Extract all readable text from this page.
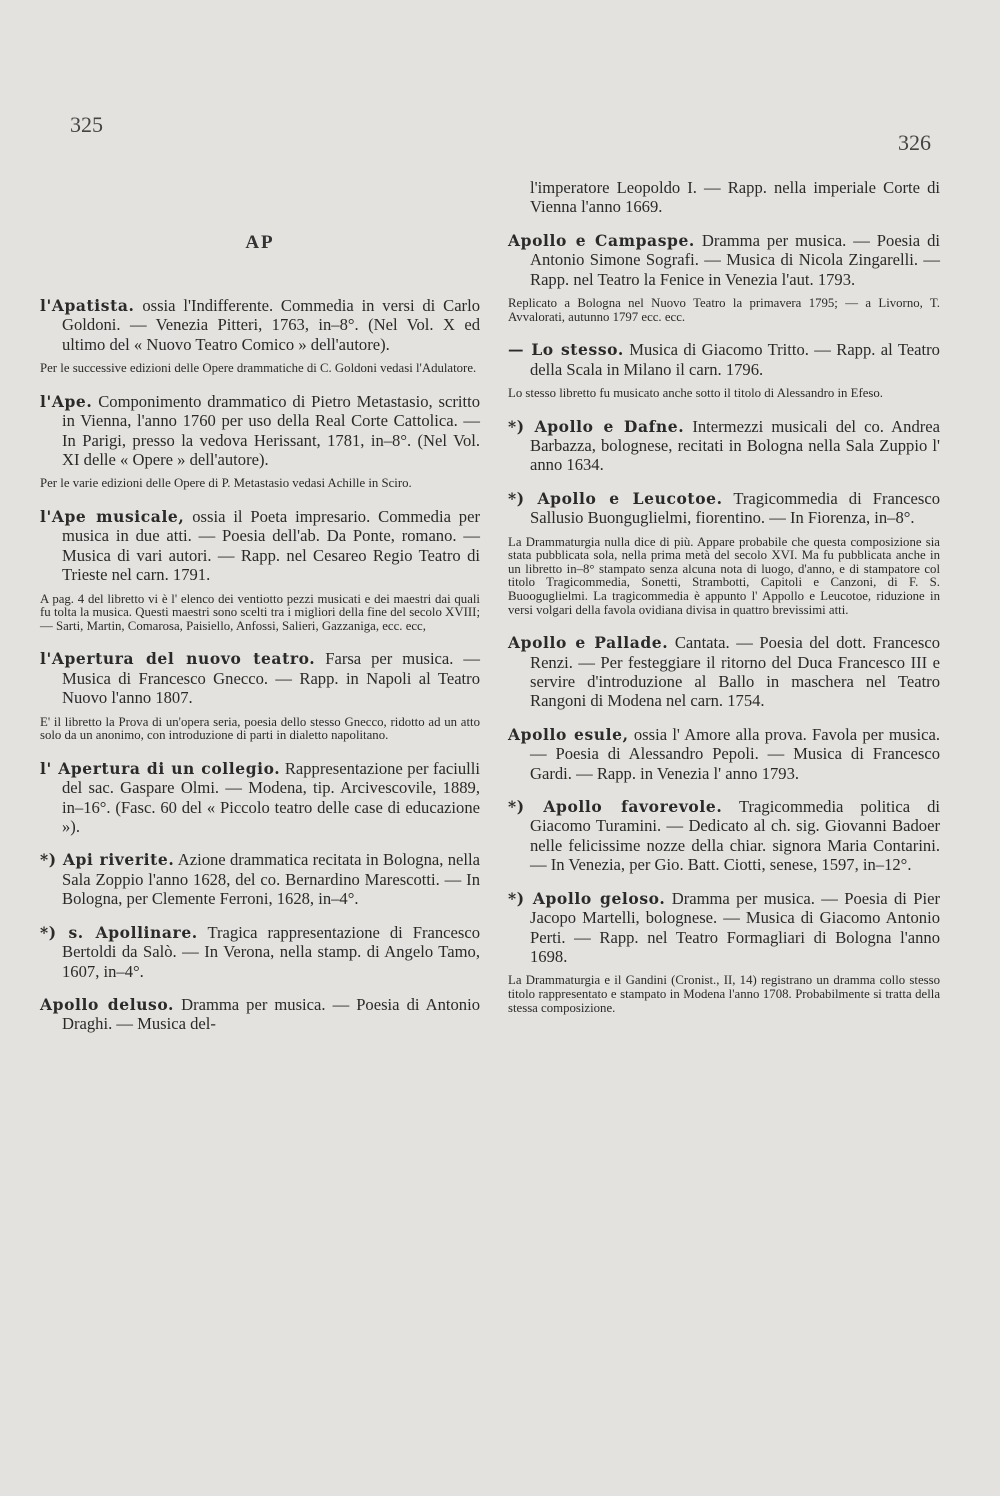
325
326
AP
l'Apatista. ossia l'Indifferente. Commedia in versi di Carlo Goldoni. — Venezia Pitteri, 1763, in–8°. (Nel Vol. X ed ultimo del « Nuovo Teatro Comico » dell'autore).
Per le successive edizioni delle Opere drammatiche di C. Goldoni vedasi l'Adulatore.
l'Ape. Componimento drammatico di Pietro Metastasio, scritto in Vienna, l'anno 1760 per uso della Real Corte Cattolica. — In Parigi, presso la vedova Herissant, 1781, in–8°. (Nel Vol. XI delle « Opere » dell'autore).
Per le varie edizioni delle Opere di P. Metastasio vedasi Achille in Sciro.
l'Ape musicale, ossia il Poeta impresario. Commedia per musica in due atti. — Poesia dell'ab. Da Ponte, romano. — Musica di vari autori. — Rapp. nel Cesareo Regio Teatro di Trieste nel carn. 1791.
A pag. 4 del libretto vi è l' elenco dei ventiotto pezzi musicati e dei maestri dai quali fu tolta la musica. Questi maestri sono scelti tra i migliori della fine del secolo XVIII; — Sarti, Martin, Comarosa, Paisiello, Anfossi, Salieri, Gazzaniga, ecc. ecc,
l'Apertura del nuovo teatro. Farsa per musica. — Musica di Francesco Gnecco. — Rapp. in Napoli al Teatro Nuovo l'anno 1807.
E' il libretto la Prova di un'opera seria, poesia dello stesso Gnecco, ridotto ad un atto solo da un anonimo, con introduzione di parti in dialetto napolitano.
l' Apertura di un collegio. Rappresentazione per faciulli del sac. Gaspare Olmi. — Modena, tip. Arcivescovile, 1889, in–16°. (Fasc. 60 del « Piccolo teatro delle case di educazione »).
*) Api riverite. Azione drammatica recitata in Bologna, nella Sala Zoppio l'anno 1628, del co. Bernardino Marescotti. — In Bologna, per Clemente Ferroni, 1628, in–4°.
*) s. Apollinare. Tragica rappresentazione di Francesco Bertoldi da Salò. — In Verona, nella stamp. di Angelo Tamo, 1607, in–4°.
Apollo deluso. Dramma per musica. — Poesia di Antonio Draghi. — Musica del-
l'imperatore Leopoldo I. — Rapp. nella imperiale Corte di Vienna l'anno 1669.
Apollo e Campaspe. Dramma per musica. — Poesia di Antonio Simone Sografi. — Musica di Nicola Zingarelli. — Rapp. nel Teatro la Fenice in Venezia l'aut. 1793.
Replicato a Bologna nel Nuovo Teatro la primavera 1795; — a Livorno, T. Avvalorati, autunno 1797 ecc. ecc.
— Lo stesso. Musica di Giacomo Tritto. — Rapp. al Teatro della Scala in Milano il carn. 1796.
Lo stesso libretto fu musicato anche sotto il titolo di Alessandro in Efeso.
*) Apollo e Dafne. Intermezzi musicali del co. Andrea Barbazza, bolognese, recitati in Bologna nella Sala Zuppio l' anno 1634.
*) Apollo e Leucotoe. Tragicommedia di Francesco Sallusio Buonguglielmi, fiorentino. — In Fiorenza, in–8°.
La Drammaturgia nulla dice di più. Appare probabile che questa composizione sia stata pubblicata sola, nella prima metà del secolo XVI. Ma fu pubblicata anche in un libretto in–8° stampato senza alcuna nota di luogo, d'anno, e di stampatore col titolo Tragicommedia, Sonetti, Strambotti, Capitoli e Canzoni, di F. S. Buooguglielmi. La tragicommedia è appunto l' Appollo e Leucotoe, riduzione in versi volgari della favola ovidiana divisa in quattro brevissimi atti.
Apollo e Pallade. Cantata. — Poesia del dott. Francesco Renzi. — Per festeggiare il ritorno del Duca Francesco III e servire d'introduzione al Ballo in maschera nel Teatro Rangoni di Modena nel carn. 1754.
Apollo esule, ossia l' Amore alla prova. Favola per musica. — Poesia di Alessandro Pepoli. — Musica di Francesco Gardi. — Rapp. in Venezia l' anno 1793.
*) Apollo favorevole. Tragicommedia politica di Giacomo Turamini. — Dedicato al ch. sig. Giovanni Badoer nelle felicissime nozze della chiar. signora Maria Contarini. — In Venezia, per Gio. Batt. Ciotti, senese, 1597, in–12°.
*) Apollo geloso. Dramma per musica. — Poesia di Pier Jacopo Martelli, bolognese. — Musica di Giacomo Antonio Perti. — Rapp. nel Teatro Formagliari di Bologna l'anno 1698.
La Drammaturgia e il Gandini (Cronist., II, 14) registrano un dramma collo stesso titolo rappresentato e stampato in Modena l'anno 1708. Probabilmente si tratta della stessa composizione.
